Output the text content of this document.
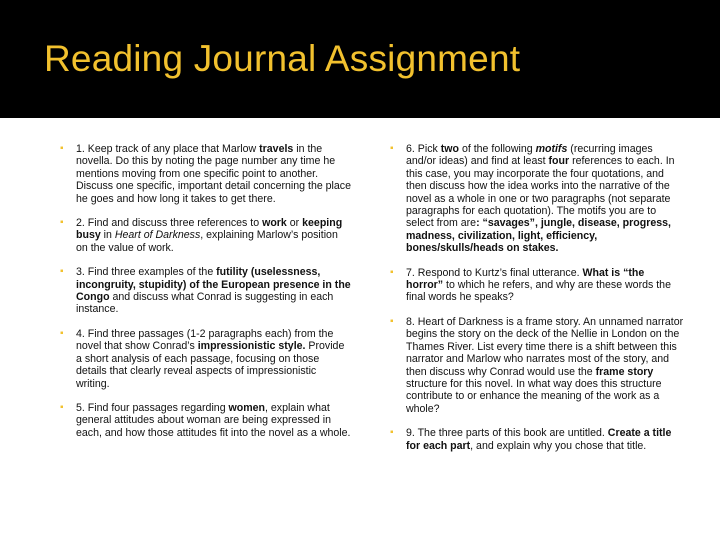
Reading Journal Assignment
▪ 1. Keep track of any place that Marlow travels in the novella. Do this by noting the page number any time he mentions moving from one specific point to another. Discuss one specific, important detail concerning the place he goes and how long it takes to get there.
▪ 2. Find and discuss three references to work or keeping busy in Heart of Darkness, explaining Marlow’s position on the value of work.
▪ 3. Find three examples of the futility (uselessness, incongruity, stupidity) of the European presence in the Congo and discuss what Conrad is suggesting in each instance.
▪ 4. Find three passages (1-2 paragraphs each) from the novel that show Conrad’s impressionistic style. Provide a short analysis of each passage, focusing on those details that clearly reveal aspects of impressionistic writing.
▪ 5. Find four passages regarding women, explain what general attitudes about woman are being expressed in each, and how those attitudes fit into the novel as a whole.
▪ 6. Pick two of the following motifs (recurring images and/or ideas) and find at least four references to each. In this case, you may incorporate the four quotations, and then discuss how the idea works into the narrative of the novel as a whole in one or two paragraphs (not separate paragraphs for each quotation). The motifs you are to select from are: “savages”, jungle, disease, progress, madness, civilization, light, efficiency, bones/skulls/heads on stakes.
▪ 7. Respond to Kurtz’s final utterance. What is “the horror” to which he refers, and why are these words the final words he speaks?
▪ 8. Heart of Darkness is a frame story. An unnamed narrator begins the story on the deck of the Nellie in London on the Thames River. List every time there is a shift between this narrator and Marlow who narrates most of the story, and then discuss why Conrad would use the frame story structure for this novel. In what way does this structure contribute to or enhance the meaning of the work as a whole?
▪ 9. The three parts of this book are untitled. Create a title for each part, and explain why you chose that title.
